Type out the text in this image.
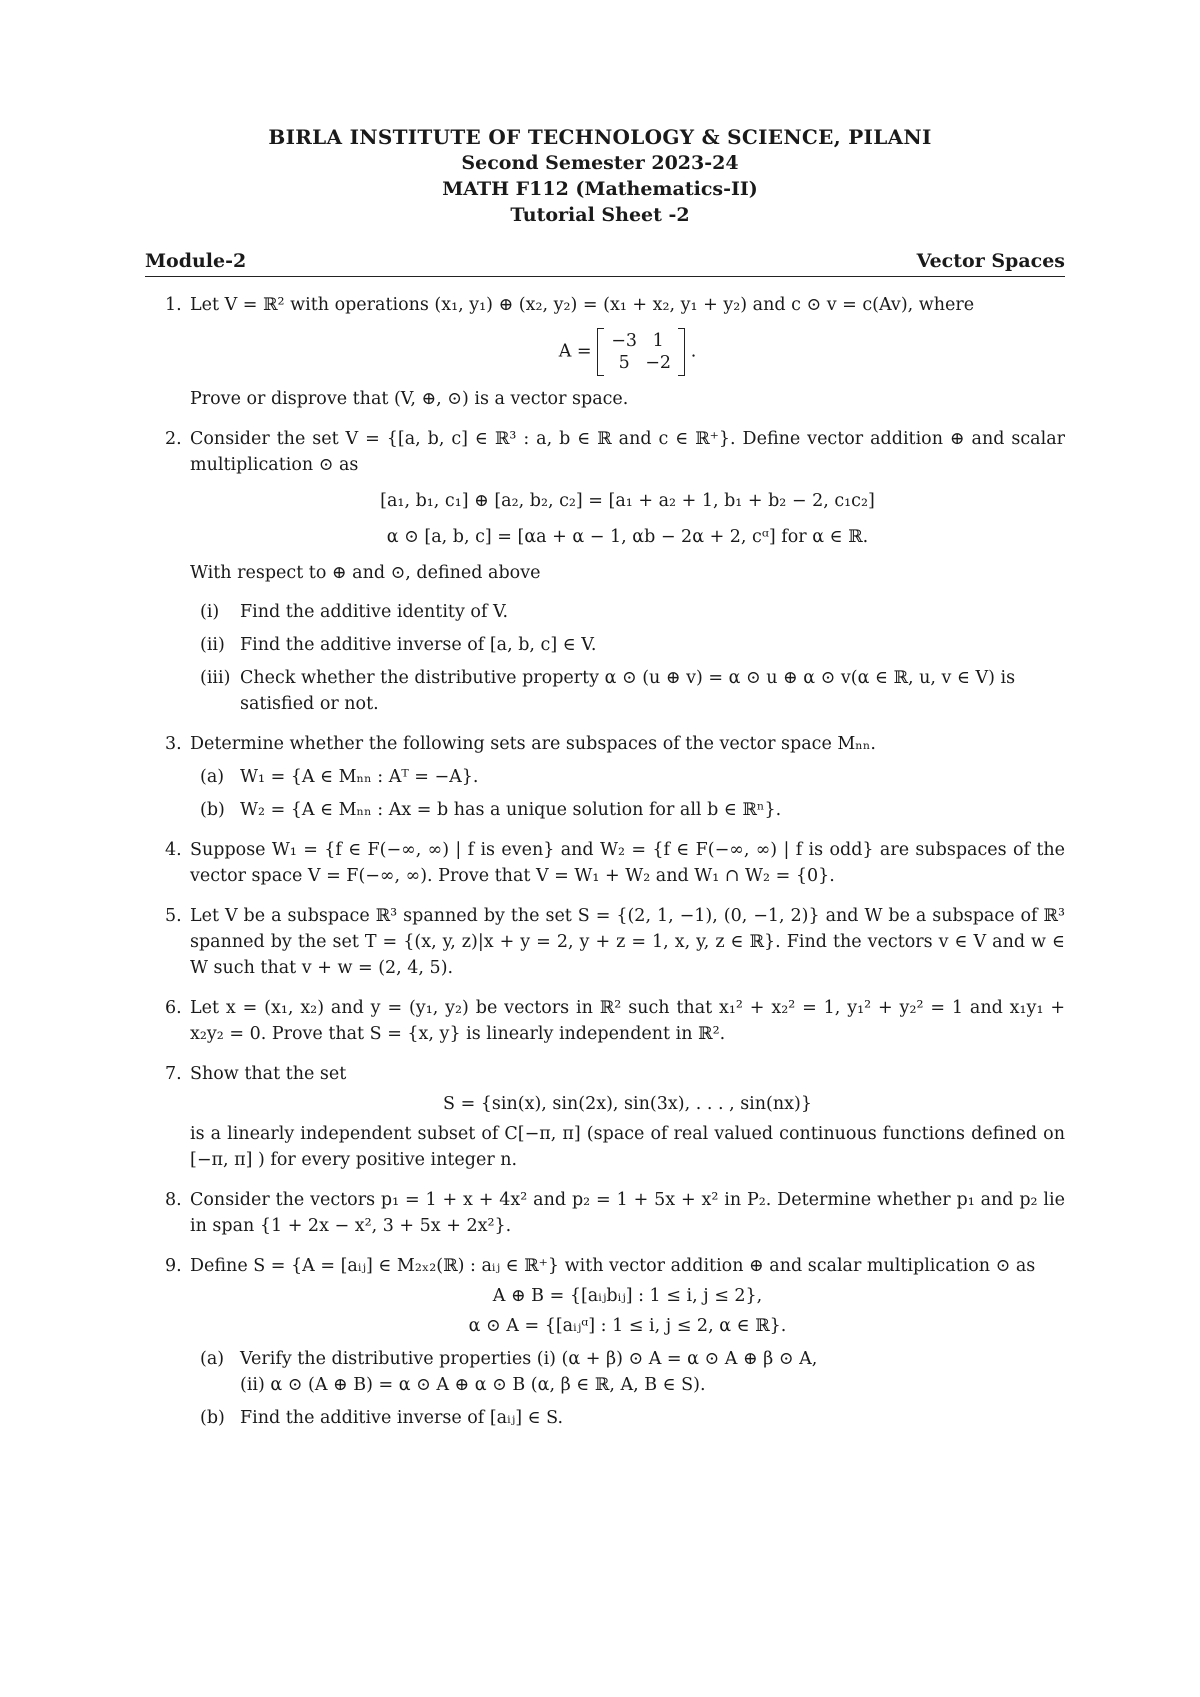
BIRLA INSTITUTE OF TECHNOLOGY & SCIENCE, PILANI
Second Semester 2023-24
MATH F112 (Mathematics-II)
Tutorial Sheet -2
Module-2	Vector Spaces
1. Let V = ℝ² with operations (x₁, y₁) ⊕ (x₂, y₂) = (x₁ + x₂, y₁ + y₂) and c ⊙ v = c(Av), where

A =
−3 1
5 −2
.

Prove or disprove that (V, ⊕, ⊙) is a vector space.

2. Consider the set V = {[a, b, c] ∈ ℝ³ : a, b ∈ ℝ and c ∈ ℝ⁺}. Define vector addition ⊕ and scalar multiplication ⊙ as

[a₁, b₁, c₁] ⊕ [a₂, b₂, c₂] = [a₁ + a₂ + 1, b₁ + b₂ − 2, c₁c₂]
α ⊙ [a, b, c] = [αa + α − 1, αb − 2α + 2, cᵅ] for α ∈ ℝ.

With respect to ⊕ and ⊙, defined above

(i) Find the additive identity of V.
(ii) Find the additive inverse of [a, b, c] ∈ V.
(iii) Check whether the distributive property α ⊙ (u ⊕ v) = α ⊙ u ⊕ α ⊙ v(α ∈ ℝ, u, v ∈ V) is satisfied or not.
3. Determine whether the following sets are subspaces of the vector space Mₙₙ.

(a) W₁ = {A ∈ Mₙₙ : Aᵀ = −A}.
(b) W₂ = {A ∈ Mₙₙ : Ax = b has a unique solution for all b ∈ ℝⁿ}.
4. Suppose W₁ = {f ∈ F(−∞, ∞) | f is even} and W₂ = {f ∈ F(−∞, ∞) | f is odd} are subspaces of the vector space V = F(−∞, ∞). Prove that V = W₁ + W₂ and W₁ ∩ W₂ = {0}.

5. Let V be a subspace ℝ³ spanned by the set S = {(2, 1, −1), (0, −1, 2)} and W be a subspace of ℝ³ spanned by the set T = {(x, y, z)|x + y = 2, y + z = 1, x, y, z ∈ ℝ}. Find the vectors v ∈ V and w ∈ W such that v + w = (2, 4, 5).

6. Let x = (x₁, x₂) and y = (y₁, y₂) be vectors in ℝ² such that x₁² + x₂² = 1, y₁² + y₂² = 1 and x₁y₁ + x₂y₂ = 0. Prove that S = {x, y} is linearly independent in ℝ².

7. Show that the set

S = {sin(x), sin(2x), sin(3x), . . . , sin(nx)}

is a linearly independent subset of C[−π, π] (space of real valued continuous functions defined on [−π, π] ) for every positive integer n.

8. Consider the vectors p₁ = 1 + x + 4x² and p₂ = 1 + 5x + x² in P₂. Determine whether p₁ and p₂ lie in span {1 + 2x − x², 3 + 5x + 2x²}.

9. Define S = {A = [aᵢⱼ] ∈ M₂ₓ₂(ℝ) : aᵢⱼ ∈ ℝ⁺} with vector addition ⊕ and scalar multiplication ⊙ as

A ⊕ B = {[aᵢⱼbᵢⱼ] : 1 ≤ i, j ≤ 2},
α ⊙ A = {[aᵢⱼᵅ] : 1 ≤ i, j ≤ 2, α ∈ ℝ}.
(a) Verify the distributive properties (i) (α + β) ⊙ A = α ⊙ A ⊕ β ⊙ A,
(ii) α ⊙ (A ⊕ B) = α ⊙ A ⊕ α ⊙ B (α, β ∈ ℝ, A, B ∈ S).
(b) Find the additive inverse of [aᵢⱼ] ∈ S.
